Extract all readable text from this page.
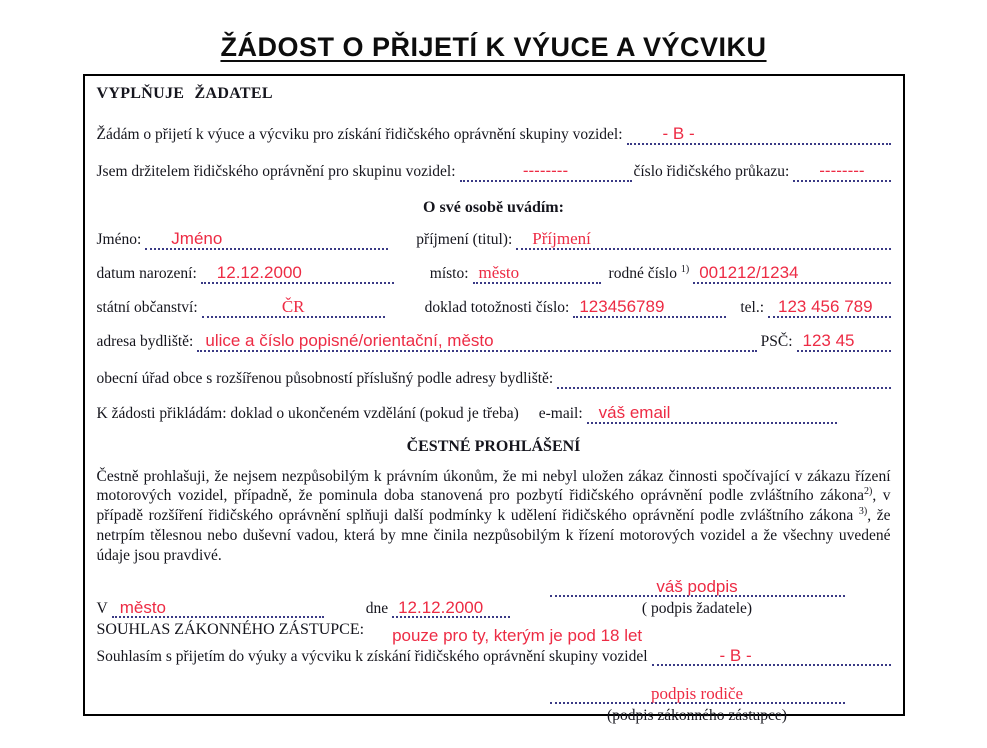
ŽÁDOST O PŘIJETÍ K VÝUCE A VÝCVIKU
VYPLŇUJE ŽADATEL
Žádám o přijetí k výuce a výcviku pro získání řidičského oprávnění skupiny vozidel: - B -
Jsem držitelem řidičského oprávnění pro skupinu vozidel:	--------	číslo řidičského průkazu: --------
O své osobě uvádím:
Jméno: Jméno	příjmení (titul): Příjmení
datum narození: 12.12.2000	místo: město	rodné číslo $^{1)}$ 001212/1234
státní občanství:	ČR	doklad totožnosti číslo: 123456789	tel.: 123 456 789
adresa bydliště: ulice a číslo popisné/orientační, město	PSČ: 123 45
obecní úřad obce s rozšířenou působností příslušný podle adresy bydliště:
K žádosti přikládám: doklad o ukončeném vzdělání (pokud je třeba) e-mail: váš email
ČESTNÉ PROHLÁŠENÍ
Čestně prohlašuji, že nejsem nezpůsobilým k právním úkonům, že mi nebyl uložen zákaz činnosti spočívající v zákazu řízení motorových vozidel, případně, že pominula doba stanovená pro pozbytí řidičského oprávnění podle zvláštního zákona$^{2)}$, v případě rozšíření řidičského oprávnění splňuji další podmínky k udělení řidičského oprávnění podle zvláštního zákona $^{3)}$, že netrpím tělesnou nebo duševní vadou, která by mne činila nezpůsobilým k řízení motorových vozidel a že všechny uvedené údaje jsou pravdivé.
V město	dne 12.12.2000
váš podpis
( podpis žadatele)
SOUHLAS ZÁKONNÉHO ZÁSTUPCE: pouze pro ty, kterým je pod 18 let
Souhlasím s přijetím do výuky a výcviku k získání řidičského oprávnění skupiny vozidel	- B -
podpis rodiče
(podpis zákonného zástupce)
